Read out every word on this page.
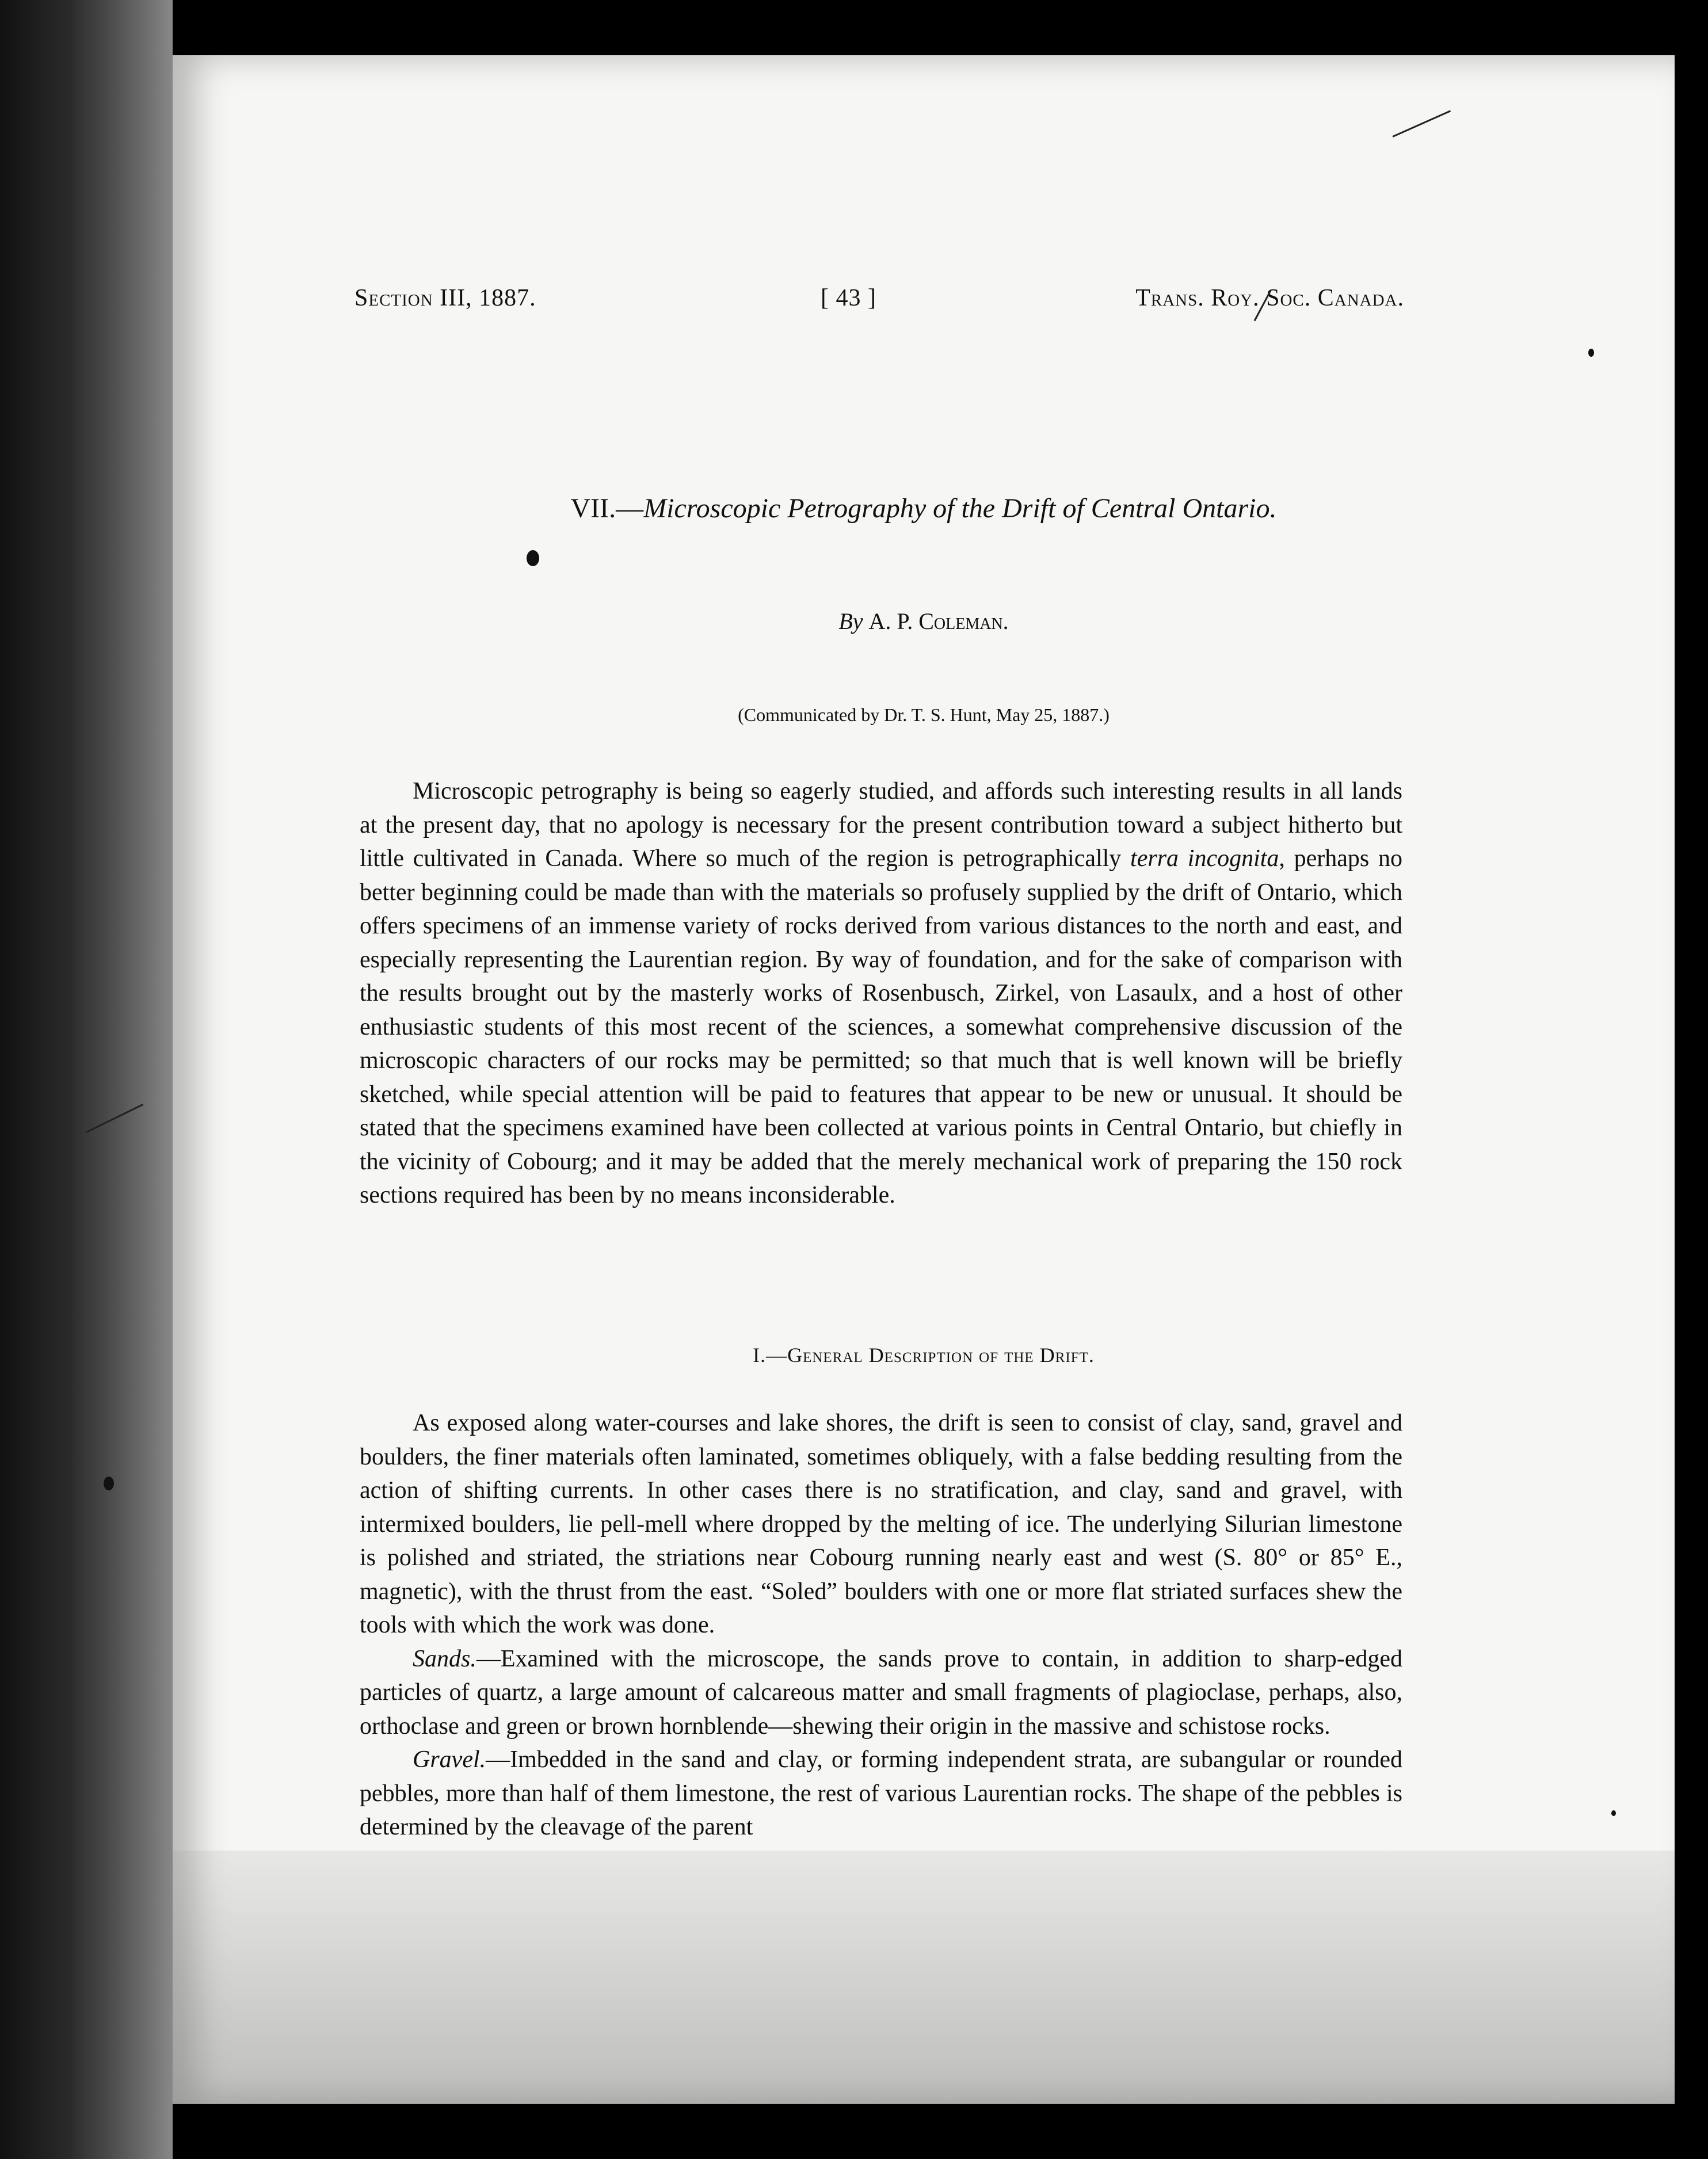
Section III, 1887.	[ 43 ]	Trans. Roy. Soc. Canada.
VII.—Microscopic Petrography of the Drift of Central Ontario.
By A. P. Coleman.
(Communicated by Dr. T. S. Hunt, May 25, 1887.)

Microscopic petrography is being so eagerly studied, and affords such interesting results in all lands at the present day, that no apology is necessary for the present contribution toward a subject hitherto but little cultivated in Canada. Where so much of the region is petrographically terra incognita, perhaps no better beginning could be made than with the materials so profusely supplied by the drift of Ontario, which offers specimens of an immense variety of rocks derived from various distances to the north and east, and especially representing the Laurentian region. By way of foundation, and for the sake of comparison with the results brought out by the masterly works of Rosenbusch, Zirkel, von Lasaulx, and a host of other enthusiastic students of this most recent of the sciences, a somewhat comprehensive discussion of the microscopic characters of our rocks may be permitted; so that much that is well known will be briefly sketched, while special attention will be paid to features that appear to be new or unusual. It should be stated that the specimens examined have been collected at various points in Central Ontario, but chiefly in the vicinity of Cobourg; and it may be added that the merely mechanical work of preparing the 150 rock sections required has been by no means inconsiderable.

I.—General Description of the Drift.

As exposed along water-courses and lake shores, the drift is seen to consist of clay, sand, gravel and boulders, the finer materials often laminated, sometimes obliquely, with a false bedding resulting from the action of shifting currents. In other cases there is no stratification, and clay, sand and gravel, with intermixed boulders, lie pell-mell where dropped by the melting of ice. The underlying Silurian limestone is polished and striated, the striations near Cobourg running nearly east and west (S. 80° or 85° E., magnetic), with the thrust from the east. “Soled” boulders with one or more flat striated surfaces shew the tools with which the work was done.

Sands.—Examined with the microscope, the sands prove to contain, in addition to sharp-edged particles of quartz, a large amount of calcareous matter and small fragments of plagioclase, perhaps, also, orthoclase and green or brown hornblende—shewing their origin in the massive and schistose rocks.

Gravel.—Imbedded in the sand and clay, or forming independent strata, are subangular or rounded pebbles, more than half of them limestone, the rest of various Laurentian rocks. The shape of the pebbles is determined by the cleavage of the parent
